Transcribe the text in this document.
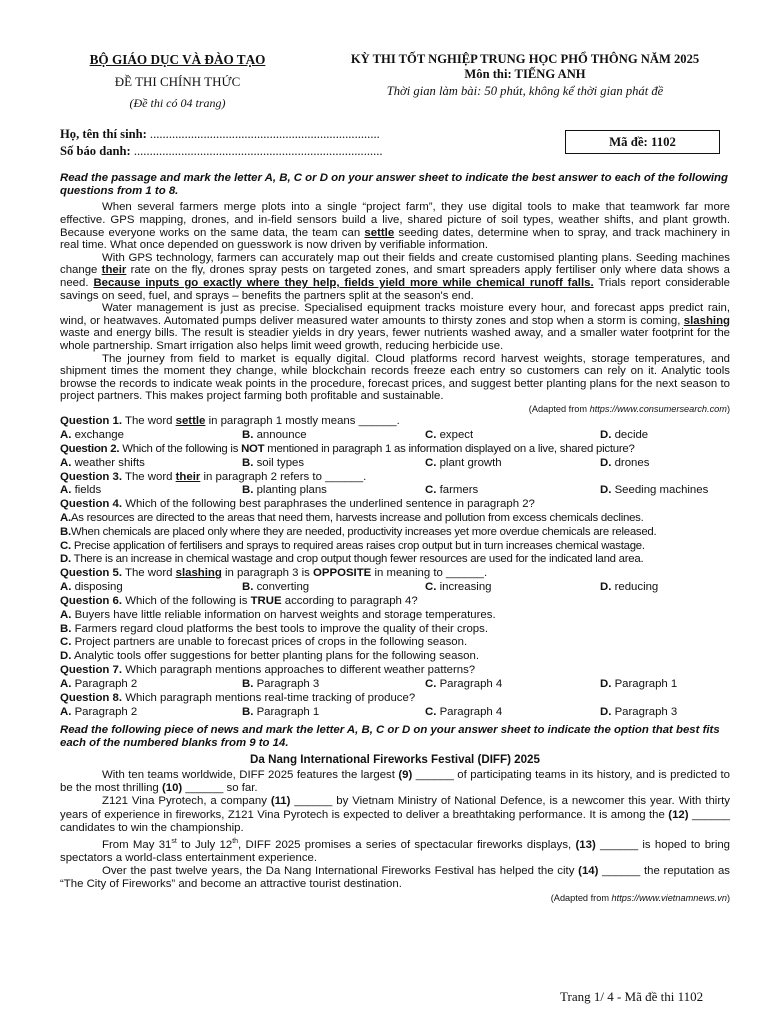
BỘ GIÁO DỤC VÀ ĐÀO TẠO
ĐỀ THI CHÍNH THỨC
(Đề thi có 04 trang)
KỲ THI TỐT NGHIỆP TRUNG HỌC PHỔ THÔNG NĂM 2025
Môn thi: TIẾNG ANH
Thời gian làm bài: 50 phút, không kể thời gian phát đề
Họ, tên thí sinh: .........................................................................
Số báo danh: ...............................................................................
Mã đề: 1102
Read the passage and mark the letter A, B, C or D on your answer sheet to indicate the best answer to each of the following questions from 1 to 8.

When several farmers merge plots into a single “project farm”, they use digital tools to make that teamwork far more effective. GPS mapping, drones, and in-field sensors build a live, shared picture of soil types, weather shifts, and plant growth. Because everyone works on the same data, the team can settle seeding dates, determine when to spray, and track machinery in real time. What once depended on guesswork is now driven by verifiable information.

With GPS technology, farmers can accurately map out their fields and create customised planting plans. Seeding machines change their rate on the fly, drones spray pests on targeted zones, and smart spreaders apply fertiliser only where data shows a need. Because inputs go exactly where they help, fields yield more while chemical runoff falls. Trials report considerable savings on seed, fuel, and sprays – benefits the partners split at the season's end.

Water management is just as precise. Specialised equipment tracks moisture every hour, and forecast apps predict rain, wind, or heatwaves. Automated pumps deliver measured water amounts to thirsty zones and stop when a storm is coming, slashing waste and energy bills. The result is steadier yields in dry years, fewer nutrients washed away, and a smaller water footprint for the whole partnership. Smart irrigation also helps limit weed growth, reducing herbicide use.

The journey from field to market is equally digital. Cloud platforms record harvest weights, storage temperatures, and shipment times the moment they change, while blockchain records freeze each entry so customers can rely on it. Analytic tools browse the records to indicate weak points in the procedure, forecast prices, and suggest better planting plans for the next season to project partners. This makes project farming both profitable and sustainable.

(Adapted from https://www.consumersearch.com)
Question 1. The word settle in paragraph 1 mostly means ______.
A. exchange	B. announce	C. expect	D. decide
Question 2. Which of the following is NOT mentioned in paragraph 1 as information displayed on a live, shared picture?
A. weather shifts	B. soil types	C. plant growth	D. drones
Question 3. The word their in paragraph 2 refers to ______.
A. fields	B. planting plans	C. farmers	D. Seeding machines
Question 4. Which of the following best paraphrases the underlined sentence in paragraph 2?
A.As resources are directed to the areas that need them, harvests increase and pollution from excess chemicals declines.
B.When chemicals are placed only where they are needed, productivity increases yet more overdue chemicals are released.
C. Precise application of fertilisers and sprays to required areas raises crop output but in turn increases chemical wastage.
D. There is an increase in chemical wastage and crop output though fewer resources are used for the indicated land area.
Question 5. The word slashing in paragraph 3 is OPPOSITE in meaning to ______.
A. disposing	B. converting	C. increasing	D. reducing
Question 6. Which of the following is TRUE according to paragraph 4?
A. Buyers have little reliable information on harvest weights and storage temperatures.
B. Farmers regard cloud platforms the best tools to improve the quality of their crops.
C. Project partners are unable to forecast prices of crops in the following season.
D. Analytic tools offer suggestions for better planting plans for the following season.
Question 7. Which paragraph mentions approaches to different weather patterns?
A. Paragraph 2	B. Paragraph 3	C. Paragraph 4	D. Paragraph 1
Question 8. Which paragraph mentions real-time tracking of produce?
A. Paragraph 2	B. Paragraph 1	C. Paragraph 4	D. Paragraph 3
Read the following piece of news and mark the letter A, B, C or D on your answer sheet to indicate the option that best fits each of the numbered blanks from 9 to 14.
Da Nang International Fireworks Festival (DIFF) 2025

With ten teams worldwide, DIFF 2025 features the largest (9) ______ of participating teams in its history, and is predicted to be the most thrilling (10) ______ so far.

Z121 Vina Pyrotech, a company (11) ______ by Vietnam Ministry of National Defence, is a newcomer this year. With thirty years of experience in fireworks, Z121 Vina Pyrotech is expected to deliver a breathtaking performance. It is among the (12) ______ candidates to win the championship.

From May 31st to July 12th, DIFF 2025 promises a series of spectacular fireworks displays, (13) ______ is hoped to bring spectators a world-class entertainment experience.

Over the past twelve years, the Da Nang International Fireworks Festival has helped the city (14) ______ the reputation as “The City of Fireworks” and become an attractive tourist destination.

(Adapted from https://www.vietnamnews.vn)
Trang 1/ 4 - Mã đề thi 1102
